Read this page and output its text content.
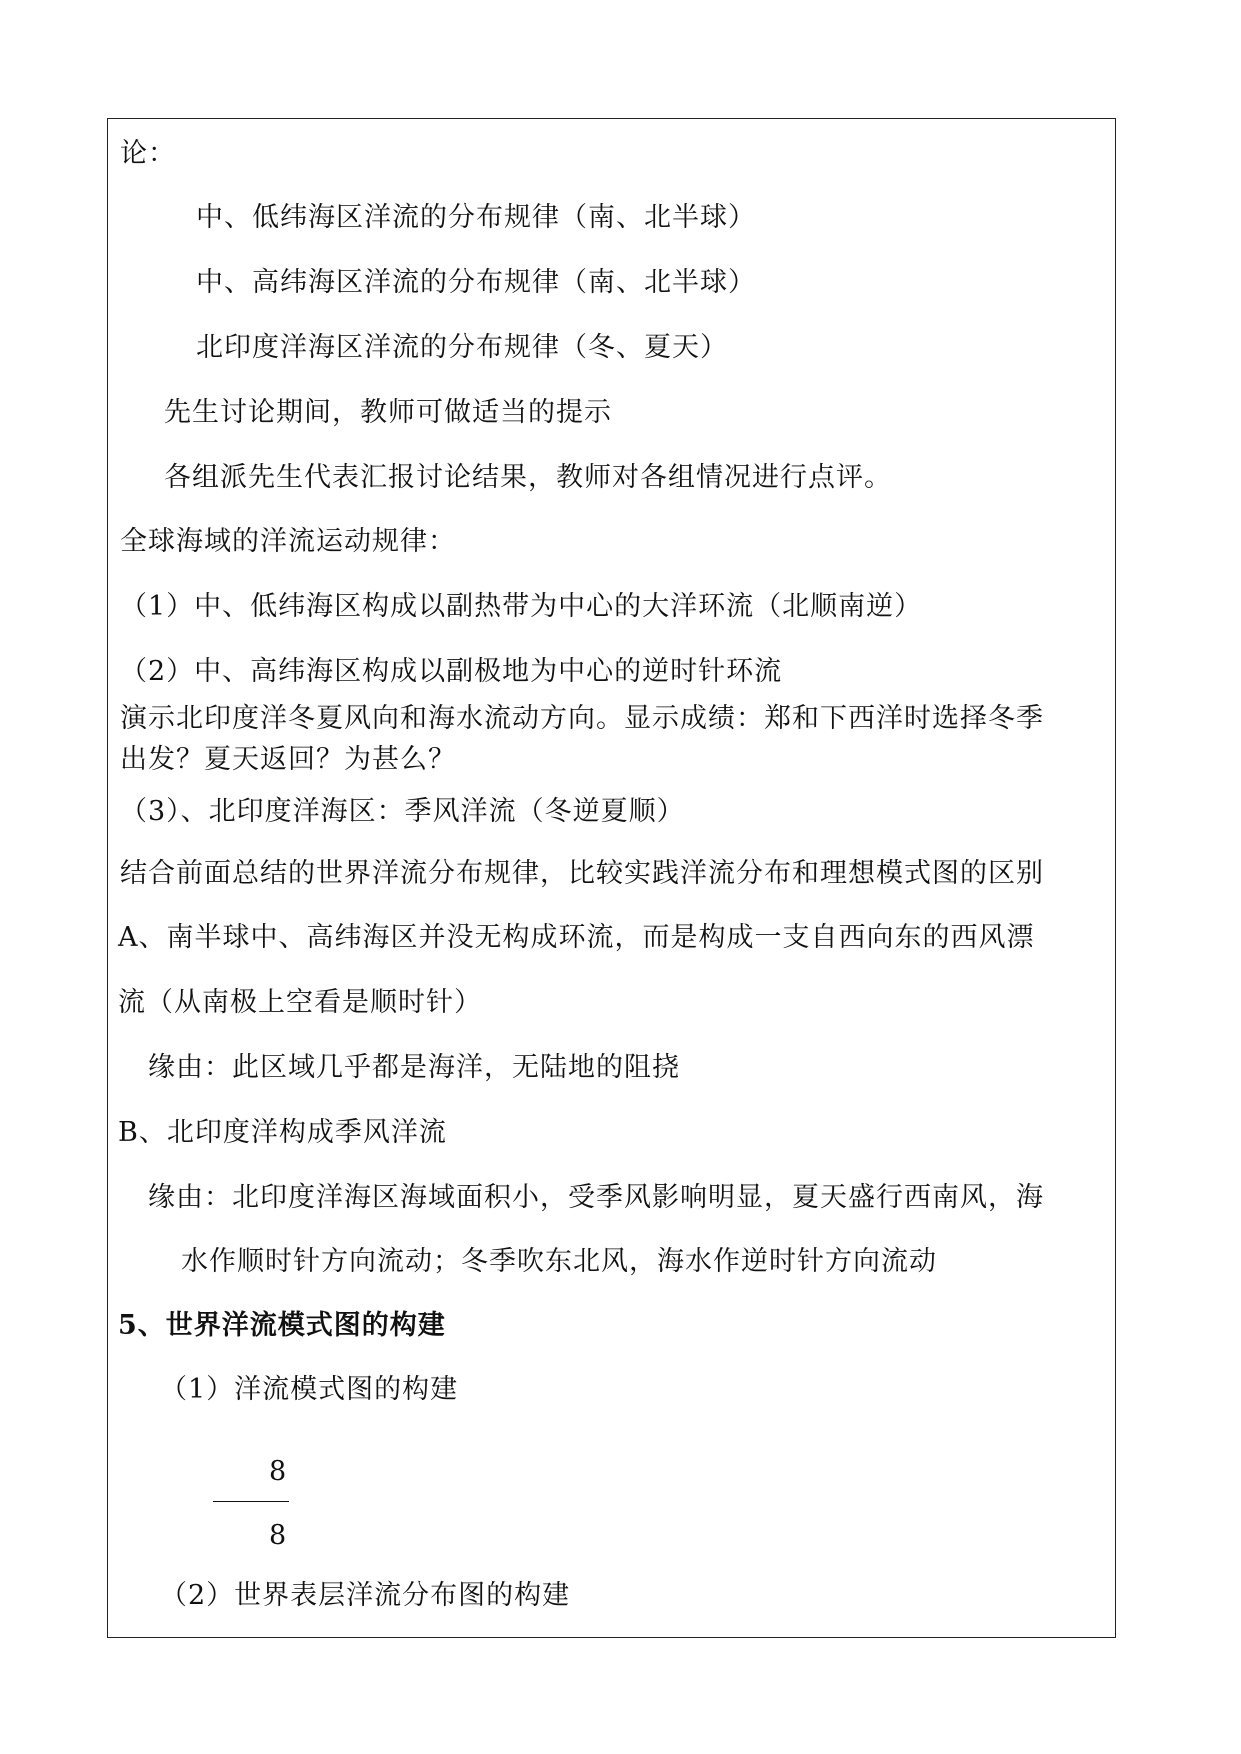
论：
中、低纬海区洋流的分布规律（南、北半球）
中、高纬海区洋流的分布规律（南、北半球）
北印度洋海区洋流的分布规律（冬、夏天）
先生讨论期间，教师可做适当的提示
各组派先生代表汇报讨论结果，教师对各组情况进行点评。
全球海域的洋流运动规律：
（1）中、低纬海区构成以副热带为中心的大洋环流（北顺南逆）
（2）中、高纬海区构成以副极地为中心的逆时针环流
演示北印度洋冬夏风向和海水流动方向。显示成绩：郑和下西洋时选择冬季
出发？夏天返回？为甚么？
（3）、北印度洋海区：季风洋流（冬逆夏顺）
结合前面总结的世界洋流分布规律，比较实践洋流分布和理想模式图的区别
A、南半球中、高纬海区并没无构成环流，而是构成一支自西向东的西风漂
流（从南极上空看是顺时针）
缘由：此区域几乎都是海洋，无陆地的阻挠
B、北印度洋构成季风洋流
缘由：北印度洋海区海域面积小，受季风影响明显，夏天盛行西南风，海
水作顺时针方向流动；冬季吹东北风，海水作逆时针方向流动
5、世界洋流模式图的构建
（1）洋流模式图的构建
8
8
（2）世界表层洋流分布图的构建
